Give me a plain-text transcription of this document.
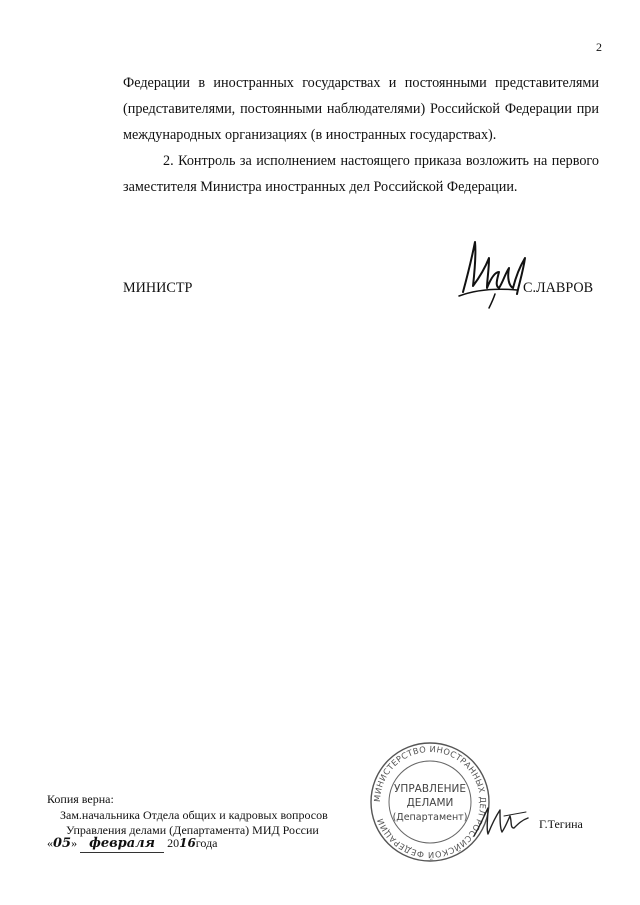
2

Федерации в иностранных государствах и постоянными представителями (представителями, постоянными наблюдателями) Российской Федерации при международных организациях (в иностранных государствах).

2. Контроль за исполнением настоящего приказа возложить на первого заместителя Министра иностранных дел Российской Федерации.

МИНИСТР	С.ЛАВРОВ
МИНИСТЕРСТВО ИНОСТРАННЫХ ДЕЛ РОССИЙСКОЙ ФЕДЕРАЦИИ
УПРАВЛЕНИЕ
ДЕЛАМИ
(Департамент)
Копия верна:
Зам.начальника Отдела общих и кадровых вопросов
Управления делами (Департамента) МИД России
«05» февраля 2016года
Г.Тегина
